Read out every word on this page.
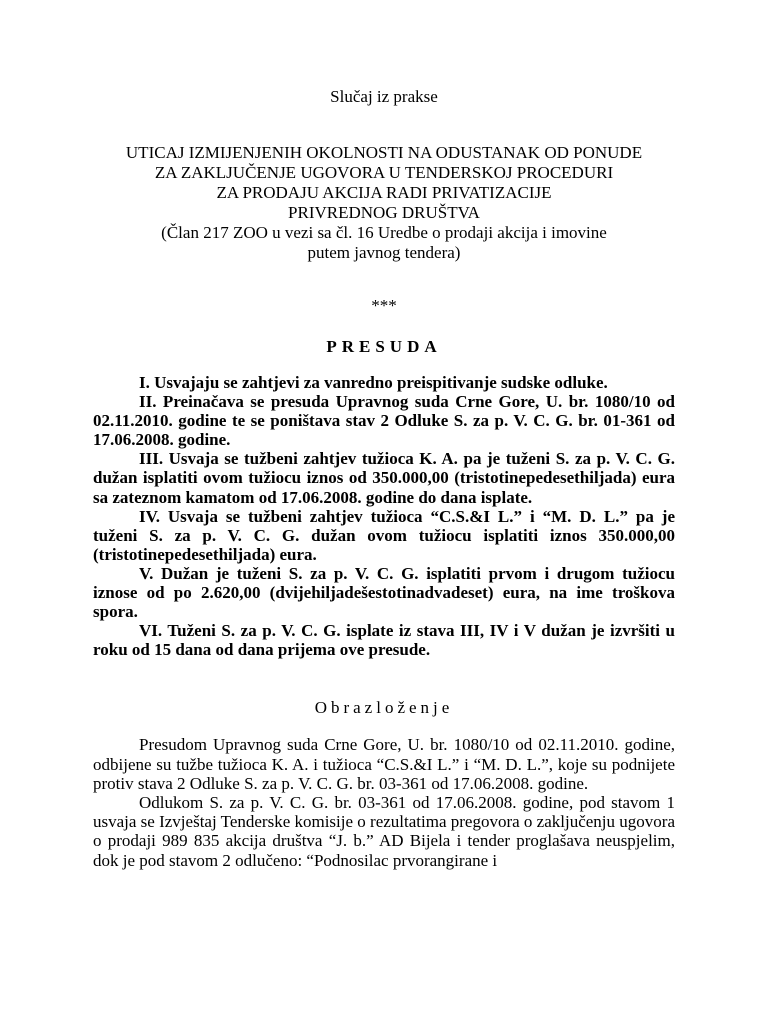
Slučaj iz prakse

UTICAJ IZMIJENJENIH OKOLNOSTI NA ODUSTANAK OD PONUDE

ZA ZAKLJUČENJE UGOVORA U TENDERSKOJ PROCEDURI

ZA PRODAJU AKCIJA RADI PRIVATIZACIJE

PRIVREDNOG DRUŠTVA

(Član 217 ZOO u vezi sa čl. 16 Uredbe o prodaji akcija i imovine

putem javnog tendera)

***
PRESUDA

I. Usvajaju se zahtjevi za vanredno preispitivanje sudske odluke.

II. Preinačava se presuda Upravnog suda Crne Gore, U. br. 1080/10 od 02.11.2010. godine te se poništava stav 2 Odluke S. za p. V. C. G. br. 01-361 od 17.06.2008. godine.

III. Usvaja se tužbeni zahtjev tužioca K. A. pa je tuženi S. za p. V. C. G. dužan isplatiti ovom tužiocu iznos od 350.000,00 (tristotinepedesethiljada) eura sa zateznom kamatom od 17.06.2008. godine do dana isplate.

IV. Usvaja se tužbeni zahtjev tužioca “C.S.&I L.” i “M. D. L.” pa je tuženi S. za p. V. C. G. dužan ovom tužiocu isplatiti iznos 350.000,00 (tristotinepedesethiljada) eura.

V. Dužan je tuženi S. za p. V. C. G. isplatiti prvom i drugom tužiocu iznose od po 2.620,00 (dvijehiljadešestotinadvadeset) eura, na ime troškova spora.

VI. Tuženi S. za p. V. C. G. isplate iz stava III, IV i V dužan je izvršiti u roku od 15 dana od dana prijema ove presude.

Obrazloženje

Presudom Upravnog suda Crne Gore, U. br. 1080/10 od 02.11.2010. godine, odbijene su tužbe tužioca K. A. i tužioca “C.S.&I L.” i “M. D. L.”, koje su podnijete protiv stava 2 Odluke S. za p. V. C. G. br. 03-361 od 17.06.2008. godine.

Odlukom S. za p. V. C. G. br. 03-361 od 17.06.2008. godine, pod stavom 1 usvaja se Izvještaj Tenderske komisije o rezultatima pregovora o zaključenju ugovora o prodaji 989 835 akcija društva “J. b.” AD Bijela i tender proglašava neuspjelim, dok je pod stavom 2 odlučeno: “Podnosilac prvorangirane i
